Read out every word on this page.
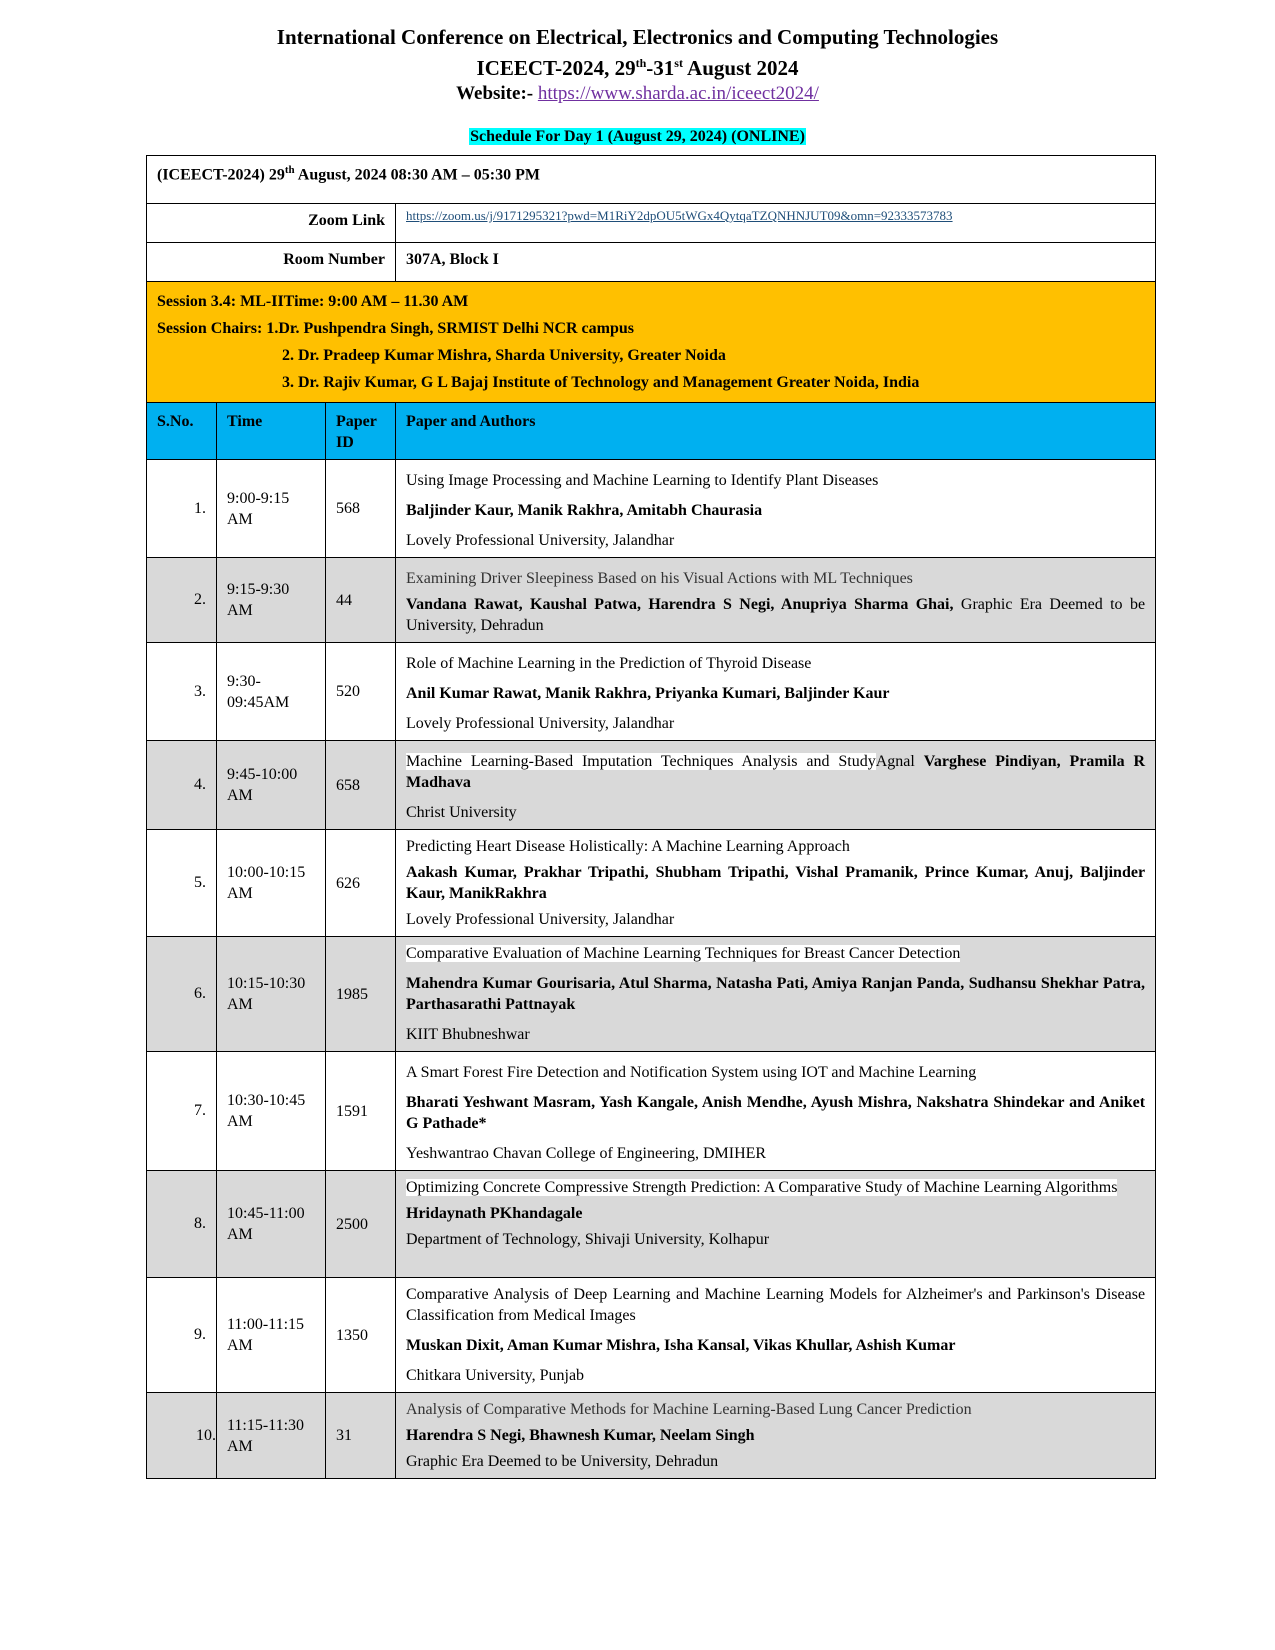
International Conference on Electrical, Electronics and Computing Technologies
ICEECT-2024, 29th-31st August 2024
Website:- https://www.sharda.ac.in/iceect2024/
Schedule For Day 1 (August 29, 2024) (ONLINE)
(ICEECT-2024) 29th August, 2024 08:30 AM – 05:30 PM			
Zoom Link			https://zoom.us/j/9171295321?pwd=M1RiY2dpOU5tWGx4QytqaTZQNHNJUT09&omn=92333573783
Room Number			307A, Block I

Session 3.4: ML-IITime: 9:00 AM – 11.30 AM
Session Chairs: 1.Dr. Pushpendra Singh, SRMIST Delhi NCR campus
2. Dr. Pradeep Kumar Mishra, Sharda University, Greater Noida
3. Dr. Rajiv Kumar, G L Bajaj Institute of Technology and Management Greater Noida, India			

S.No.	Time	Paper ID	Paper and Authors
1.	9:00-9:15 AM	568	Using Image Processing and Machine Learning to Identify Plant Diseases

Baljinder Kaur, Manik Rakhra, Amitabh Chaurasia

Lovely Professional University, Jalandhar

2.	9:15-9:30 AM	44	Examining Driver Sleepiness Based on his Visual Actions with ML Techniques

Vandana Rawat, Kaushal Patwa, Harendra S Negi, Anupriya Sharma Ghai, Graphic Era Deemed to be University, Dehradun

3.	9:30-09:45AM	520	Role of Machine Learning in the Prediction of Thyroid Disease

Anil Kumar Rawat, Manik Rakhra, Priyanka Kumari, Baljinder Kaur

Lovely Professional University, Jalandhar

4.	9:45-10:00 AM	658	Machine Learning-Based Imputation Techniques Analysis and StudyAgnal Varghese Pindiyan, Pramila R Madhava

Christ University

5.	10:00-10:15 AM	626	Predicting Heart Disease Holistically: A Machine Learning Approach

Aakash Kumar, Prakhar Tripathi, Shubham Tripathi, Vishal Pramanik, Prince Kumar, Anuj, Baljinder Kaur, ManikRakhra

Lovely Professional University, Jalandhar

6.	10:15-10:30 AM	1985	Comparative Evaluation of Machine Learning Techniques for Breast Cancer Detection

Mahendra Kumar Gourisaria, Atul Sharma, Natasha Pati, Amiya Ranjan Panda, Sudhansu Shekhar Patra, Parthasarathi Pattnayak

KIIT Bhubneshwar

7.	10:30-10:45 AM	1591	A Smart Forest Fire Detection and Notification System using IOT and Machine Learning

Bharati Yeshwant Masram, Yash Kangale, Anish Mendhe, Ayush Mishra, Nakshatra Shindekar and Aniket G Pathade*

Yeshwantrao Chavan College of Engineering, DMIHER

8.	10:45-11:00 AM	2500	Optimizing Concrete Compressive Strength Prediction: A Comparative Study of Machine Learning Algorithms

Hridaynath PKhandagale

Department of Technology, Shivaji University, Kolhapur

9.	11:00-11:15 AM	1350	Comparative Analysis of Deep Learning and Machine Learning Models for Alzheimer's and Parkinson's Disease Classification from Medical Images

Muskan Dixit, Aman Kumar Mishra, Isha Kansal, Vikas Khullar, Ashish Kumar

Chitkara University, Punjab

10.	11:15-11:30 AM	31	Analysis of Comparative Methods for Machine Learning-Based Lung Cancer Prediction

Harendra S Negi, Bhawnesh Kumar, Neelam Singh

Graphic Era Deemed to be University, Dehradun
